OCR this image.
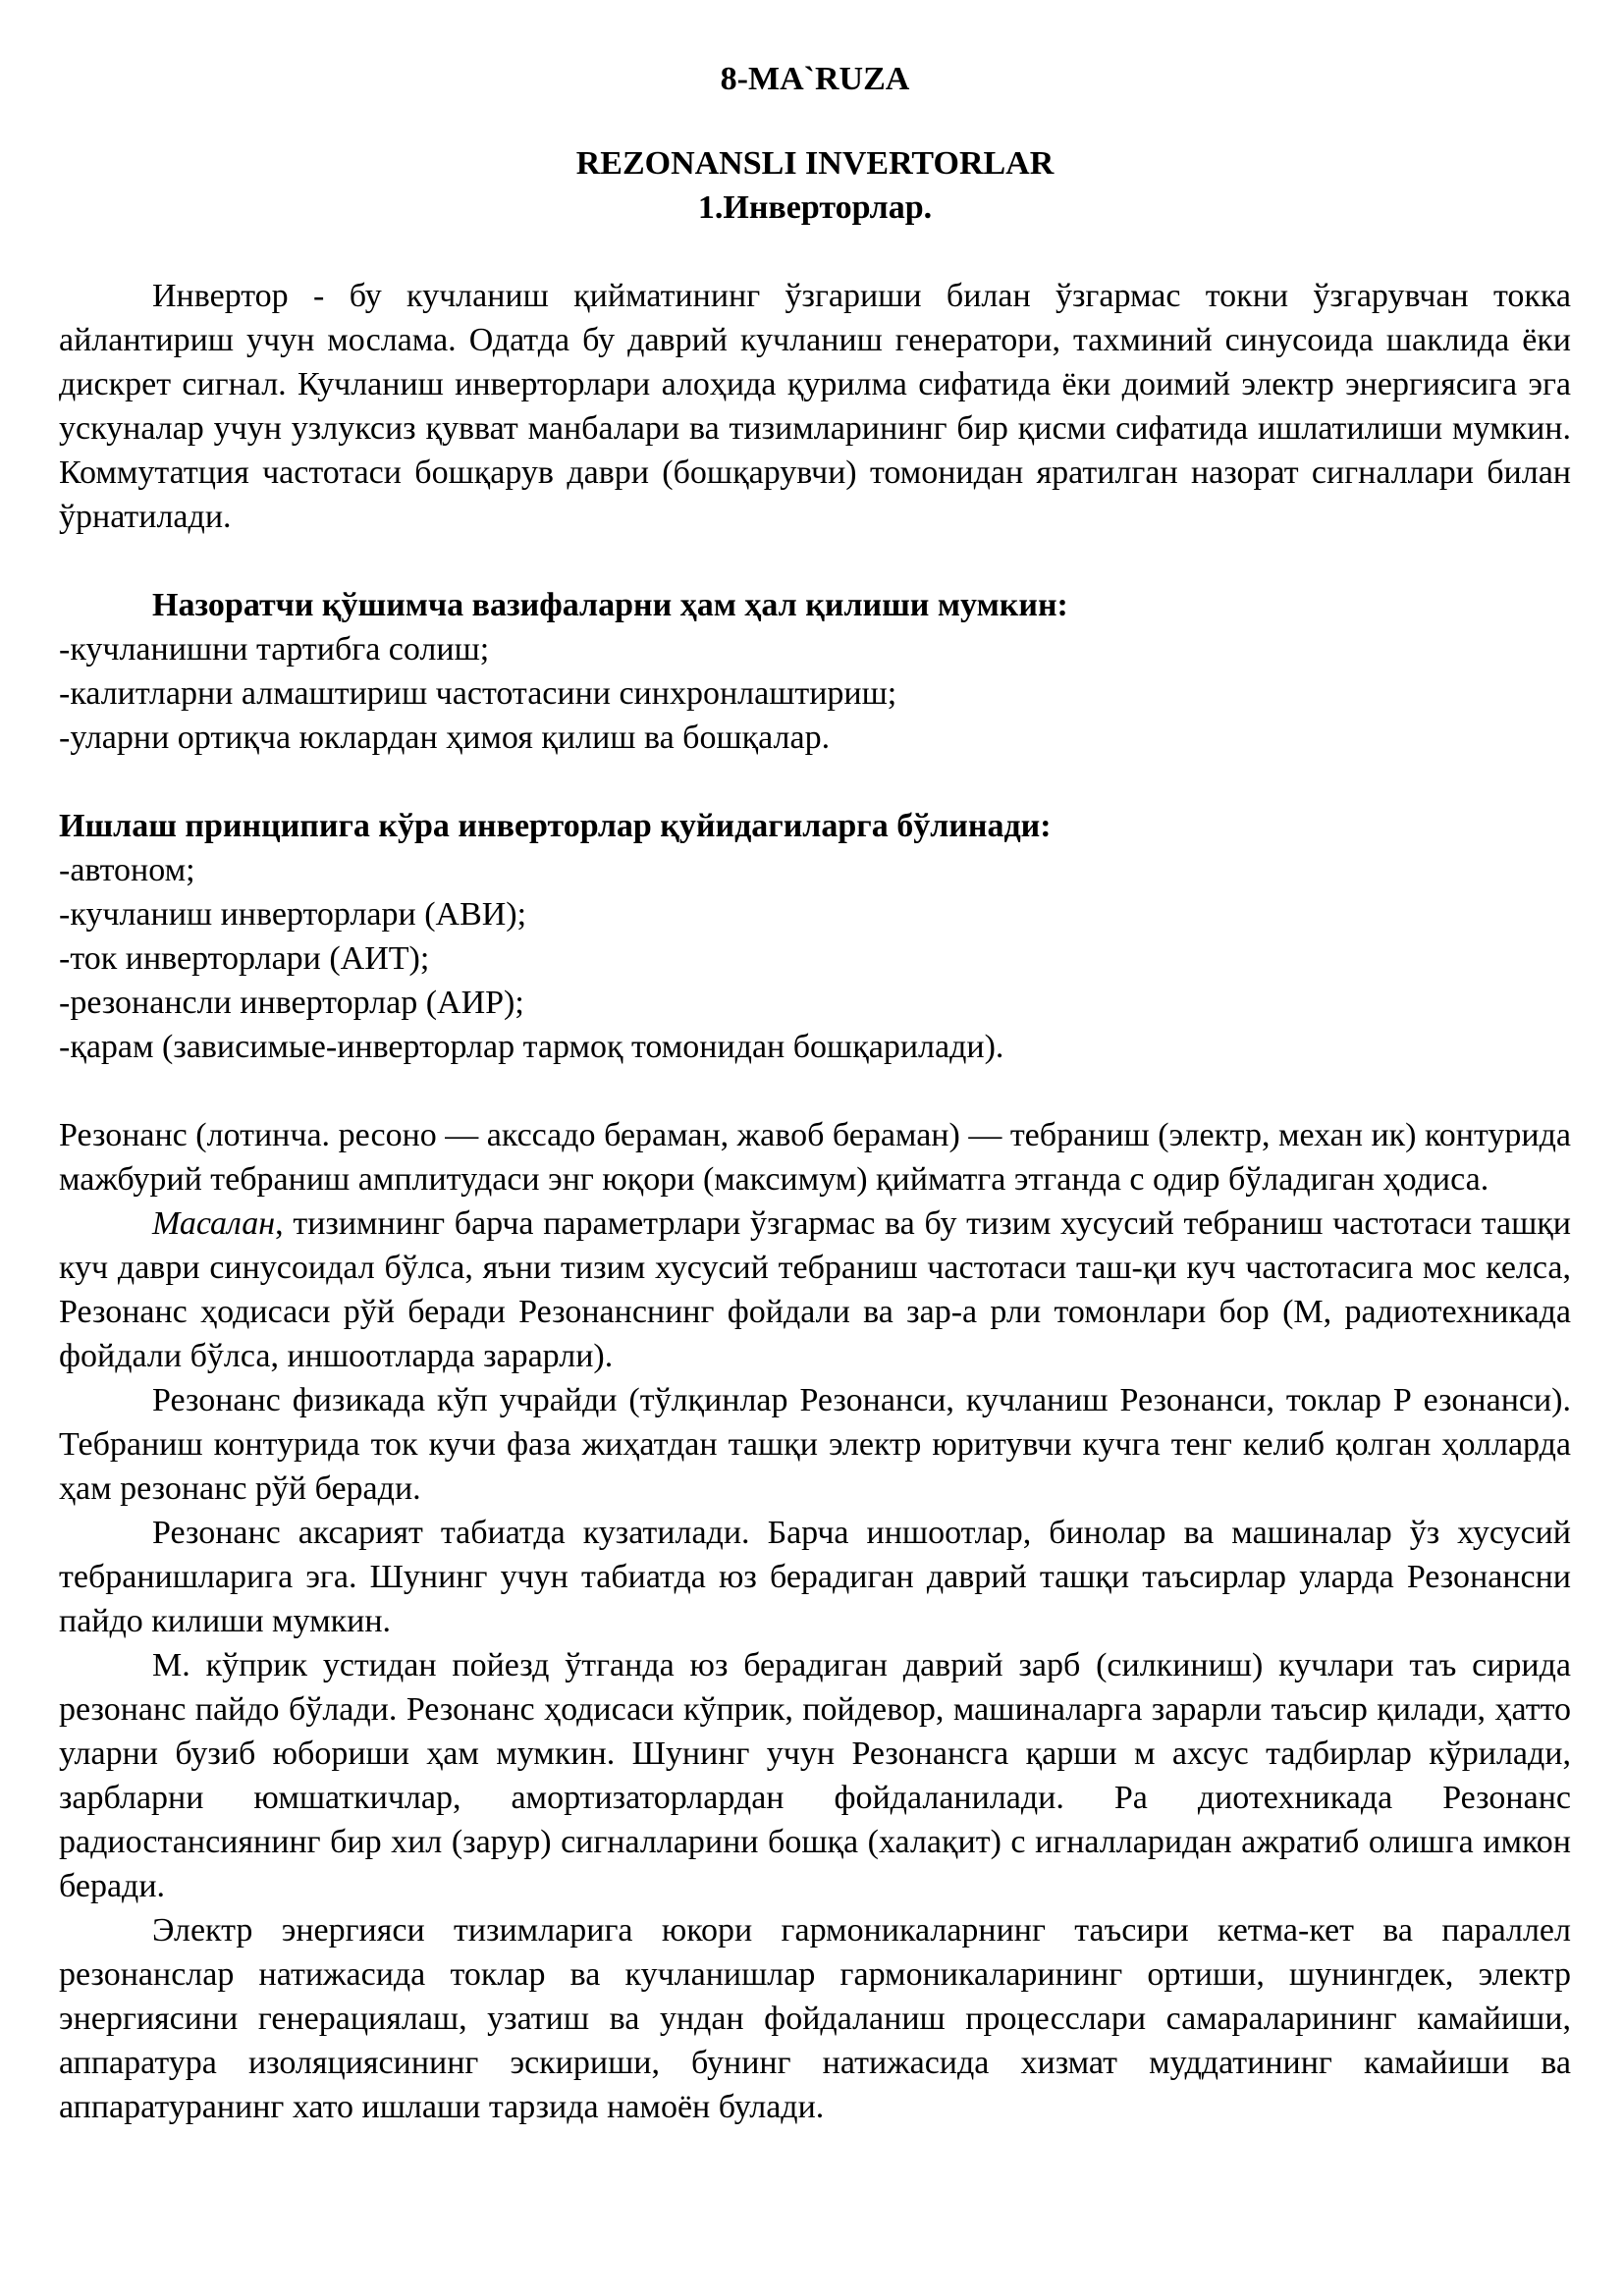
8-MA`RUZA

REZONANSLI INVERTORLAR

1.Инверторлар.

Инвертор - бу кучланиш қийматининг ўзгариши билан ўзгармас токни ўзгарувчан токка айлантириш учун мослама. Одатда бу даврий кучланиш генератори, тахминий синусоида шаклида ёки дискрет сигнал. Кучланиш инверторлари алоҳида қурилма сифатида ёки доимий электр энергиясига эга ускуналар учун узлуксиз қувват манбалари ва тизимларининг бир қисми сифатида ишлатилиши мумкин. Коммутатция частотаси бошқарув даври (бошқарувчи) томонидан яратилган назорат сигналлари билан ўрнатилади.

Назоратчи қўшимча вазифаларни ҳам ҳал қилиши мумкин:

-кучланишни тартибга солиш;

-калитларни алмаштириш частотасини синхронлаштириш;

-уларни ортиқча юклардан ҳимоя қилиш ва бошқалар.

Ишлаш принципига кўра инверторлар қуйидагиларга бўлинади:

-автоном;

-кучланиш инверторлари (АВИ);

-ток инверторлари (АИТ);

-резонансли инверторлар (АИР);

-қарам (зависимые-инверторлар тармоқ томонидан бошқарилади).

Резонанс (лотинча. ресоно — акссадо бераман, жавоб бераман) — тебраниш (электр, механ ик) контурида мажбурий тебраниш амплитудаси энг юқори (максимум) қийматга этганда с одир бўладиган ҳодиса.

Масалан, тизимнинг барча параметрлари ўзгармас ва бу тизим хусусий тебраниш частотаси ташқи куч даври синусоидал бўлса, яъни тизим хусусий тебраниш частотаси таш-қи куч частотасига мос келса, Резонанс ҳодисаси рўй беради Резонанснинг фойдали ва зар-а рли томонлари бор (М, радиотехникада фойдали бўлса, иншоотларда зарарли).

Резонанс физикада кўп учрайди (тўлқинлар Резонанси, кучланиш Резонанси, токлар Р езонанси). Тебраниш контурида ток кучи фаза жиҳатдан ташқи электр юритувчи кучга тенг келиб қолган ҳолларда ҳам резонанс рўй беради.

Резонанс аксарият табиатда кузатилади. Барча иншоотлар, бинолар ва машиналар ўз хусусий тебранишларига эга. Шунинг учун табиатда юз берадиган даврий ташқи таъсирлар уларда Резонансни пайдо килиши мумкин.

М. кўприк устидан пойезд ўтганда юз берадиган даврий зарб (силкиниш) кучлари таъ сирида резонанс пайдо бўлади. Резонанс ҳодисаси кўприк, пойдевор, машиналарга зарарли таъсир қилади, ҳатто уларни бузиб юбориши ҳам мумкин. Шунинг учун Резонансга қарши м ахсус тадбирлар кўрилади, зарбларни юмшаткичлар, амортизаторлардан фойдаланилади. Ра диотехникада Резонанс радиостансиянинг бир хил (зарур) сигналларини бошқа (халақит) с игналларидан ажратиб олишга имкон беради.

Электр энергияси тизимларига юкори гармоникаларнинг таъсири кетма-кет ва параллел резонанслар натижасида токлар ва кучланишлар гармоникаларининг ортиши, шунингдек, электр энергиясини генерациялаш, узатиш ва ундан фойдаланиш процесслари самараларининг камайиши, аппаратура изоляциясининг эскириши, бунинг натижасида хизмат муддатининг камайиши ва аппаратуранинг хато ишлаши тарзида намоён булади.
